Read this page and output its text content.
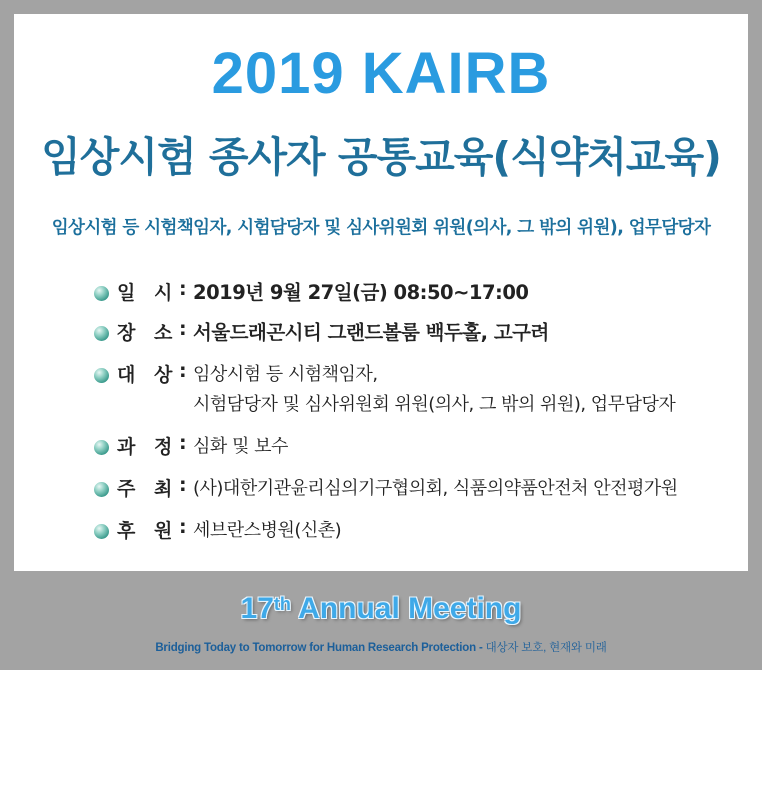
2019 KAIRB
임상시험 종사자 공통교육(식약처교육)
임상시험 등 시험책임자, 시험담당자 및 심사위원회 위원(의사, 그 밖의 위원), 업무담당자
일 시 : 2019년 9월 27일(금) 08:50~17:00
장 소 : 서울드래곤시티 그랜드볼룸 백두홀, 고구려
대 상 : 임상시험 등 시험책임자,
시험담당자 및 심사위원회 위원(의사, 그 밖의 위원), 업무담당자
과 정 : 심화 및 보수
주 최 : (사)대한기관윤리심의기구협의회, 식품의약품안전처 안전평가원
후 원 : 세브란스병원(신촌)
17th Annual Meeting
Bridging Today to Tomorrow for Human Research Protection - 대상자 보호, 현재와 미래
